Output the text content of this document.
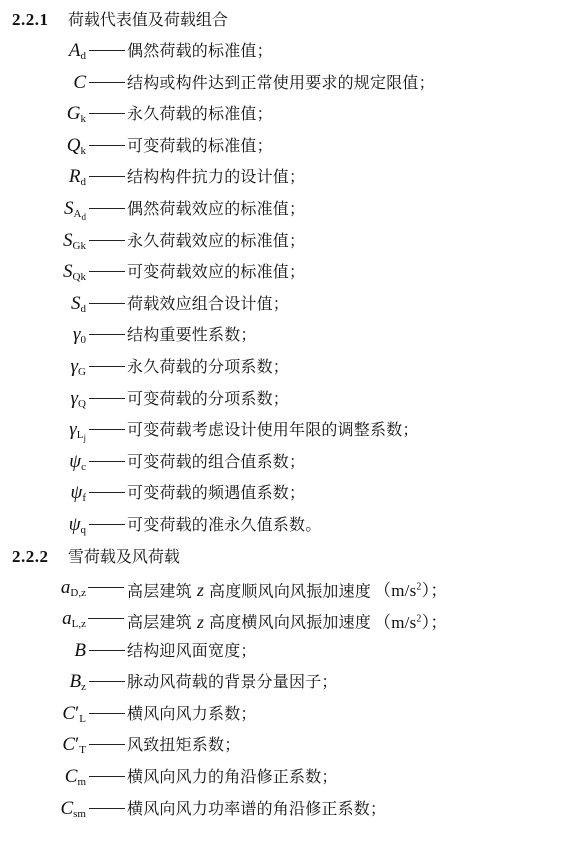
2.2.1 荷载代表值及荷载组合
$A_d$	偶然荷载的标准值；
C	结构或构件达到正常使用要求的规定限值；
$G_k$	永久荷载的标准值；
$Q_k$	可变荷载的标准值；
$R_d$	结构构件抗力的设计值；
$S_{A_d}$	偶然荷载效应的标准值；
$S_{Gk}$	永久荷载效应的标准值；
$S_{Qk}$	可变荷载效应的标准值；
$S_d$	荷载效应组合设计值；
$\gamma_0$	结构重要性系数；
$\gamma_G$	永久荷载的分项系数；
$\gamma_Q$	可变荷载的分项系数；
$\gamma_{L_j}$	可变荷载考虑设计使用年限的调整系数；
$\psi_c$	可变荷载的组合值系数；
$\psi_f$	可变荷载的频遇值系数；
$\psi_q$	可变荷载的准永久值系数。
2.2.2 雪荷载及风荷载
$a_{D,z}$	高层建筑 z 高度顺风向风振加速度 $(m/s^2)$；
$a_{L,z}$	高层建筑 z 高度横风向风振加速度 $(m/s^2)$；
B	结构迎风面宽度；
$B_z$	脉动风荷载的背景分量因子；
$C'_L$	横风向风力系数；
$C'_T$	风致扭矩系数；
$C_m$	横风向风力的角沿修正系数；
$C_{sm}$	横风向风力功率谱的角沿修正系数；
